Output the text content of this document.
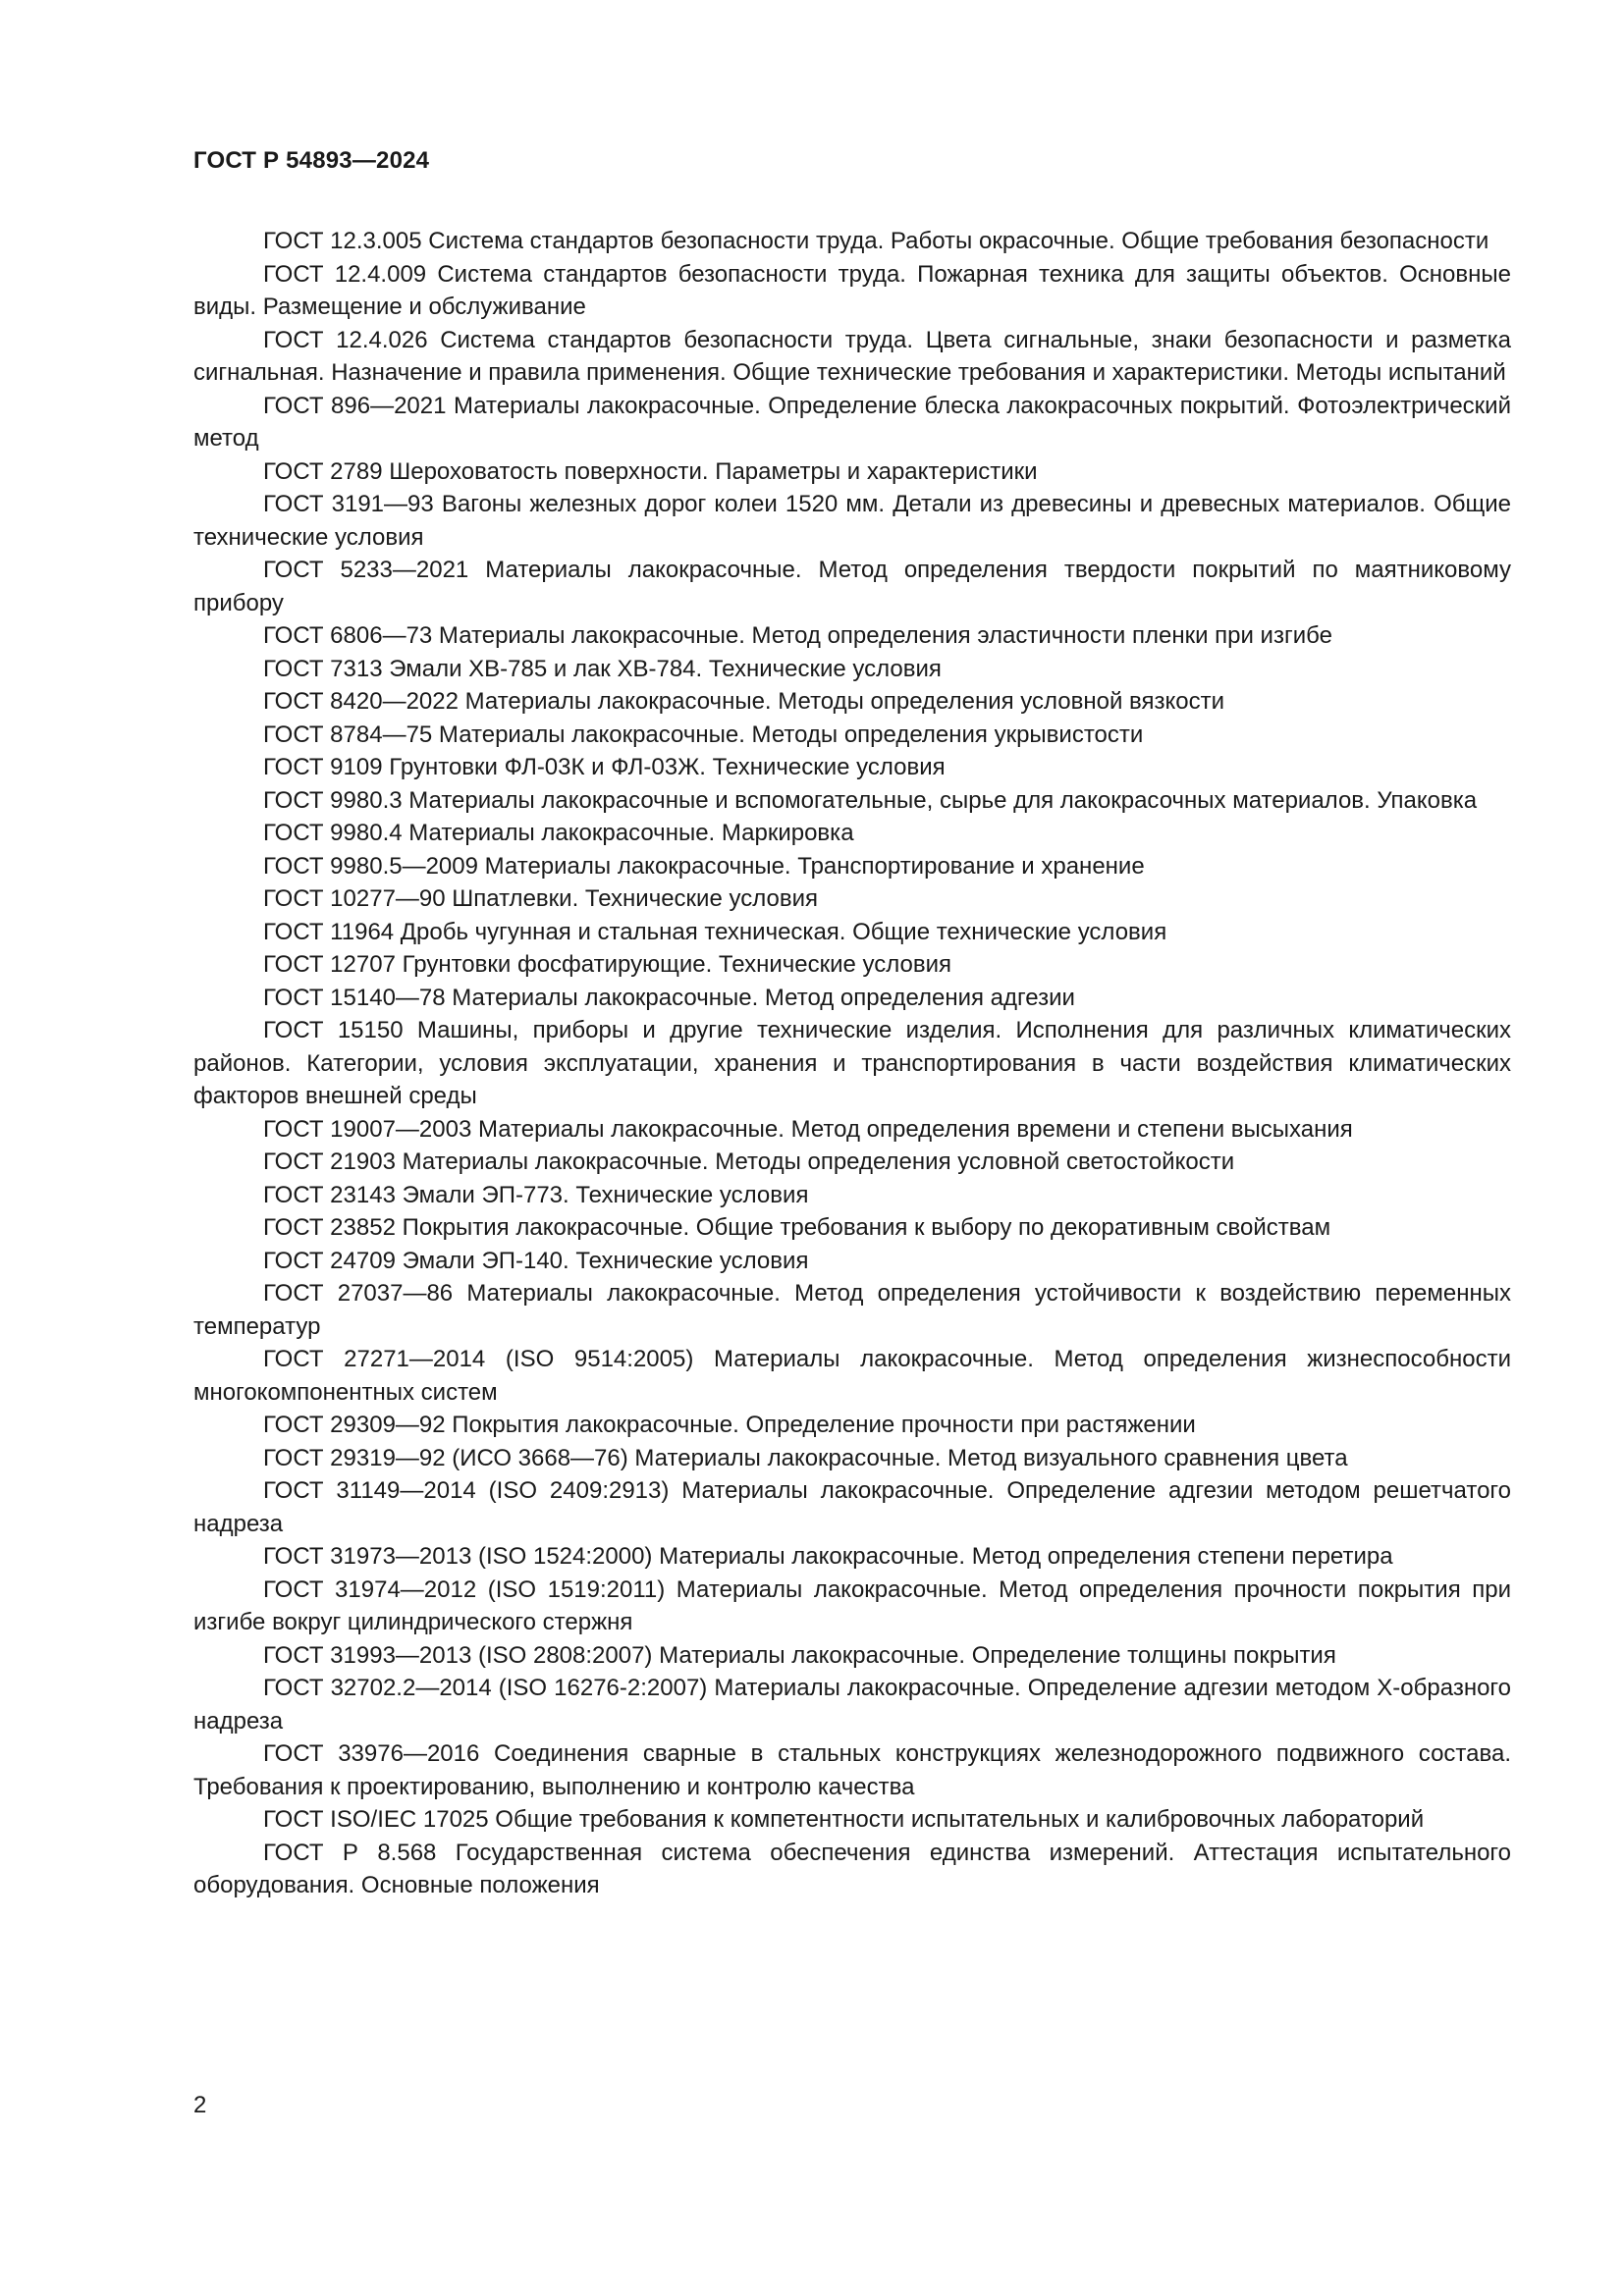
ГОСТ Р 54893—2024

ГОСТ 12.3.005 Система стандартов безопасности труда. Работы окрасочные. Общие требования безопасности

ГОСТ 12.4.009 Система стандартов безопасности труда. Пожарная техника для защиты объектов. Основные виды. Размещение и обслуживание

ГОСТ 12.4.026 Система стандартов безопасности труда. Цвета сигнальные, знаки безопасности и разметка сигнальная. Назначение и правила применения. Общие технические требования и характеристики. Методы испытаний

ГОСТ 896—2021 Материалы лакокрасочные. Определение блеска лакокрасочных покрытий. Фотоэлектрический метод

ГОСТ 2789 Шероховатость поверхности. Параметры и характеристики

ГОСТ 3191—93 Вагоны железных дорог колеи 1520 мм. Детали из древесины и древесных материалов. Общие технические условия

ГОСТ 5233—2021 Материалы лакокрасочные. Метод определения твердости покрытий по маятниковому прибору

ГОСТ 6806—73 Материалы лакокрасочные. Метод определения эластичности пленки при изгибе

ГОСТ 7313 Эмали ХВ-785 и лак ХВ-784. Технические условия

ГОСТ 8420—2022 Материалы лакокрасочные. Методы определения условной вязкости

ГОСТ 8784—75 Материалы лакокрасочные. Методы определения укрывистости

ГОСТ 9109 Грунтовки ФЛ-03К и ФЛ-03Ж. Технические условия

ГОСТ 9980.3 Материалы лакокрасочные и вспомогательные, сырье для лакокрасочных материалов. Упаковка

ГОСТ 9980.4 Материалы лакокрасочные. Маркировка

ГОСТ 9980.5—2009 Материалы лакокрасочные. Транспортирование и хранение

ГОСТ 10277—90 Шпатлевки. Технические условия

ГОСТ 11964 Дробь чугунная и стальная техническая. Общие технические условия

ГОСТ 12707 Грунтовки фосфатирующие. Технические условия

ГОСТ 15140—78 Материалы лакокрасочные. Метод определения адгезии

ГОСТ 15150 Машины, приборы и другие технические изделия. Исполнения для различных климатических районов. Категории, условия эксплуатации, хранения и транспортирования в части воздействия климатических факторов внешней среды

ГОСТ 19007—2003 Материалы лакокрасочные. Метод определения времени и степени высыхания

ГОСТ 21903 Материалы лакокрасочные. Методы определения условной светостойкости

ГОСТ 23143 Эмали ЭП-773. Технические условия

ГОСТ 23852 Покрытия лакокрасочные. Общие требования к выбору по декоративным свойствам

ГОСТ 24709 Эмали ЭП-140. Технические условия

ГОСТ 27037—86 Материалы лакокрасочные. Метод определения устойчивости к воздействию переменных температур

ГОСТ 27271—2014 (ISO 9514:2005) Материалы лакокрасочные. Метод определения жизнеспособности многокомпонентных систем

ГОСТ 29309—92 Покрытия лакокрасочные. Определение прочности при растяжении

ГОСТ 29319—92 (ИСО 3668—76) Материалы лакокрасочные. Метод визуального сравнения цвета

ГОСТ 31149—2014 (ISO 2409:2913) Материалы лакокрасочные. Определение адгезии методом решетчатого надреза

ГОСТ 31973—2013 (ISO 1524:2000) Материалы лакокрасочные. Метод определения степени перетира

ГОСТ 31974—2012 (ISO 1519:2011) Материалы лакокрасочные. Метод определения прочности покрытия при изгибе вокруг цилиндрического стержня

ГОСТ 31993—2013 (ISO 2808:2007) Материалы лакокрасочные. Определение толщины покрытия

ГОСТ 32702.2—2014 (ISO 16276-2:2007) Материалы лакокрасочные. Определение адгезии методом Х-образного надреза

ГОСТ 33976—2016 Соединения сварные в стальных конструкциях железнодорожного подвижного состава. Требования к проектированию, выполнению и контролю качества

ГОСТ ISO/IEC 17025 Общие требования к компетентности испытательных и калибровочных лабораторий

ГОСТ Р 8.568 Государственная система обеспечения единства измерений. Аттестация испытательного оборудования. Основные положения

2
